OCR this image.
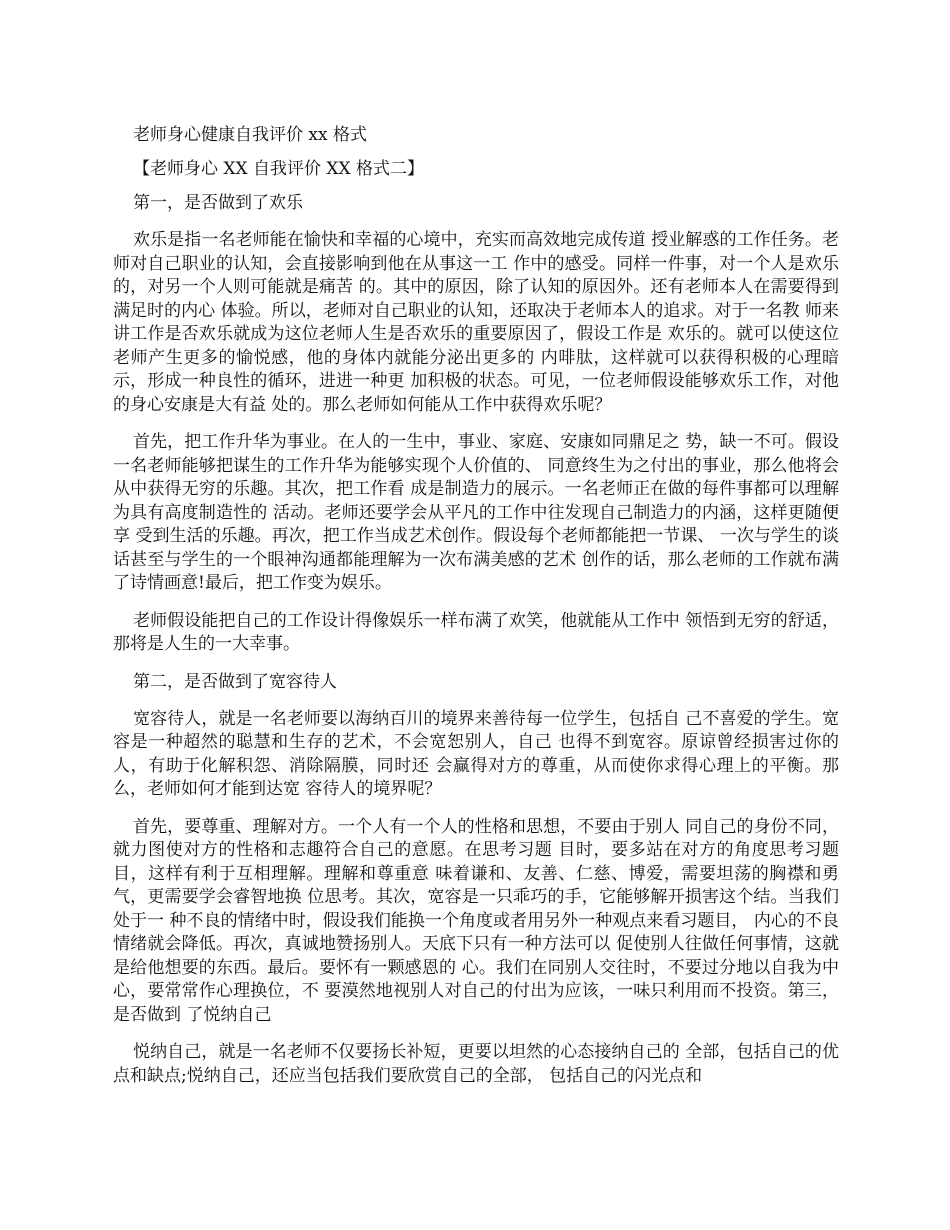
老师身心健康自我评价 xx 格式
【老师身心 XX 自我评价 XX 格式二】
第一，是否做到了欢乐

欢乐是指一名老师能在愉快和幸福的心境中，充实而高效地完成传道 授业解惑的工作任务。老师对自己职业的认知，会直接影响到他在从事这一工 作中的感受。同样一件事，对一个人是欢乐的，对另一个人则可能就是痛苦 的。其中的原因，除了认知的原因外。还有老师本人在需要得到满足时的内心 体验。所以，老师对自己职业的认知，还取决于老师本人的追求。对于一名教 师来讲工作是否欢乐就成为这位老师人生是否欢乐的重要原因了，假设工作是 欢乐的。就可以使这位老师产生更多的愉悦感，他的身体内就能分泌出更多的 内啡肽，这样就可以获得积极的心理暗示，形成一种良性的循环，进进一种更 加积极的状态。可见，一位老师假设能够欢乐工作，对他的身心安康是大有益 处的。那么老师如何能从工作中获得欢乐呢？

首先，把工作升华为事业。在人的一生中，事业、家庭、安康如同鼎足之 势，缺一不可。假设一名老师能够把谋生的工作升华为能够实现个人价值的、 同意终生为之付出的事业，那么他将会从中获得无穷的乐趣。其次，把工作看 成是制造力的展示。一名老师正在做的每件事都可以理解为具有高度制造性的 活动。老师还要学会从平凡的工作中往发现自己制造力的内涵，这样更随便享 受到生活的乐趣。再次，把工作当成艺术创作。假设每个老师都能把一节课、 一次与学生的谈话甚至与学生的一个眼神沟通都能理解为一次布满美感的艺术 创作的话，那么老师的工作就布满了诗情画意!最后，把工作变为娱乐。

老师假设能把自己的工作设计得像娱乐一样布满了欢笑，他就能从工作中 领悟到无穷的舒适，那将是人生的一大幸事。

第二，是否做到了宽容待人

宽容待人，就是一名老师要以海纳百川的境界来善待每一位学生，包括自 己不喜爱的学生。宽容是一种超然的聪慧和生存的艺术，不会宽恕别人，自己 也得不到宽容。原谅曾经损害过你的人，有助于化解积怨、消除隔膜，同时还 会赢得对方的尊重，从而使你求得心理上的平衡。那么，老师如何才能到达宽 容待人的境界呢？

首先，要尊重、理解对方。一个人有一个人的性格和思想，不要由于别人 同自己的身份不同，就力图使对方的性格和志趣符合自己的意愿。在思考习题 目时，要多站在对方的角度思考习题目，这样有利于互相理解。理解和尊重意 味着谦和、友善、仁慈、博爱，需要坦荡的胸襟和勇气，更需要学会睿智地换 位思考。其次，宽容是一只乖巧的手，它能够解开损害这个结。当我们处于一 种不良的情绪中时，假设我们能换一个角度或者用另外一种观点来看习题目， 内心的不良情绪就会降低。再次，真诚地赞扬别人。天底下只有一种方法可以 促使别人往做任何事情，这就是给他想要的东西。最后。要怀有一颗感恩的 心。我们在同别人交往时，不要过分地以自我为中心，要常常作心理换位，不 要漠然地视别人对自己的付出为应该，一味只利用而不投资。第三，是否做到 了悦纳自己

悦纳自己，就是一名老师不仅要扬长补短，更要以坦然的心态接纳自己的 全部，包括自己的优点和缺点;悦纳自己，还应当包括我们要欣赏自己的全部， 包括自己的闪光点和
